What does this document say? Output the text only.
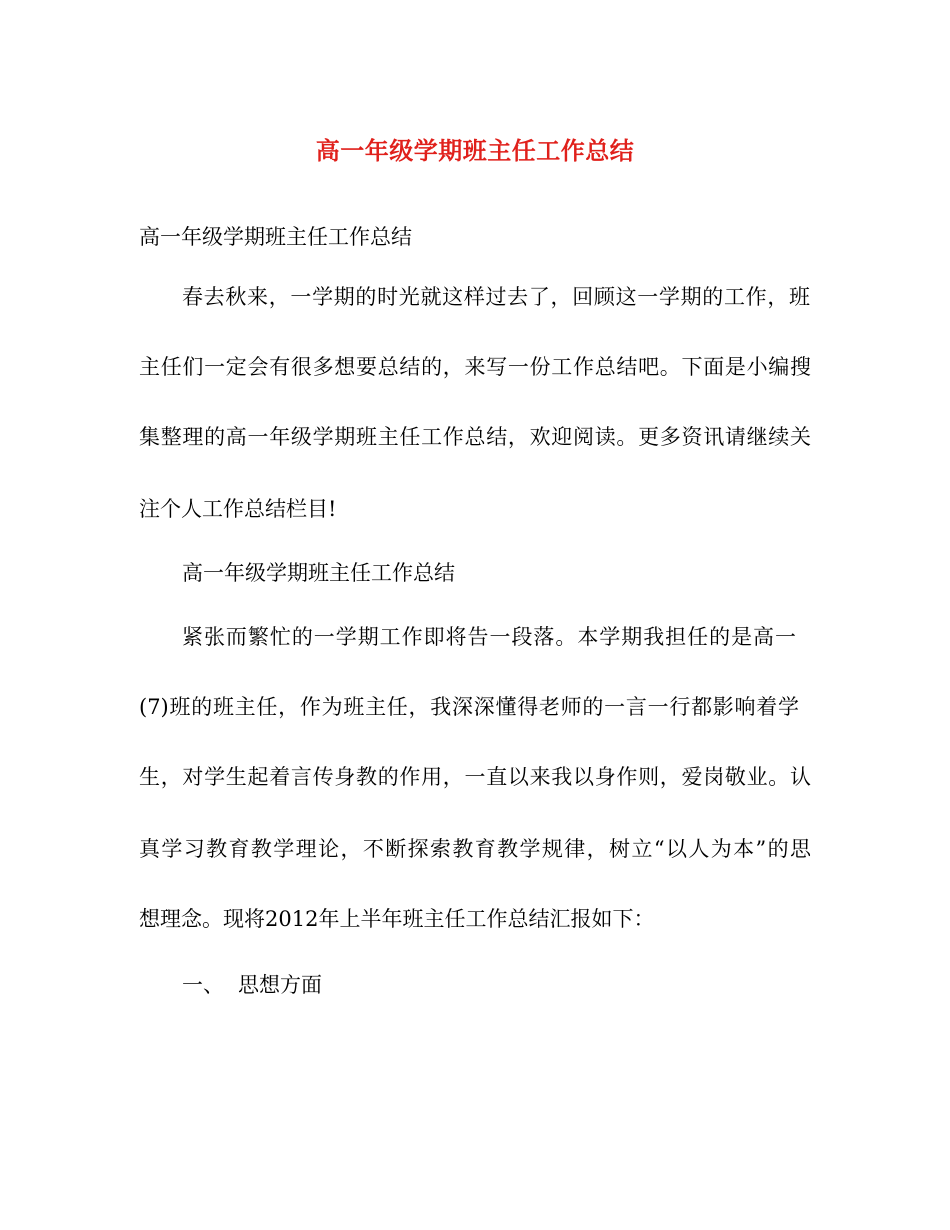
高一年级学期班主任工作总结
高一年级学期班主任工作总结
春去秋来，一学期的时光就这样过去了，回顾这一学期的工作，班
主任们一定会有很多想要总结的，来写一份工作总结吧。下面是小编搜
集整理的高一年级学期班主任工作总结，欢迎阅读。更多资讯请继续关
注个人工作总结栏目!
高一年级学期班主任工作总结
紧张而繁忙的一学期工作即将告一段落。本学期我担任的是高一
(7)班的班主任，作为班主任，我深深懂得老师的一言一行都影响着学
生，对学生起着言传身教的作用，一直以来我以身作则，爱岗敬业。认
真学习教育教学理论，不断探索教育教学规律，树立“以人为本”的思
想理念。现将2012年上半年班主任工作总结汇报如下：
一、 思想方面
